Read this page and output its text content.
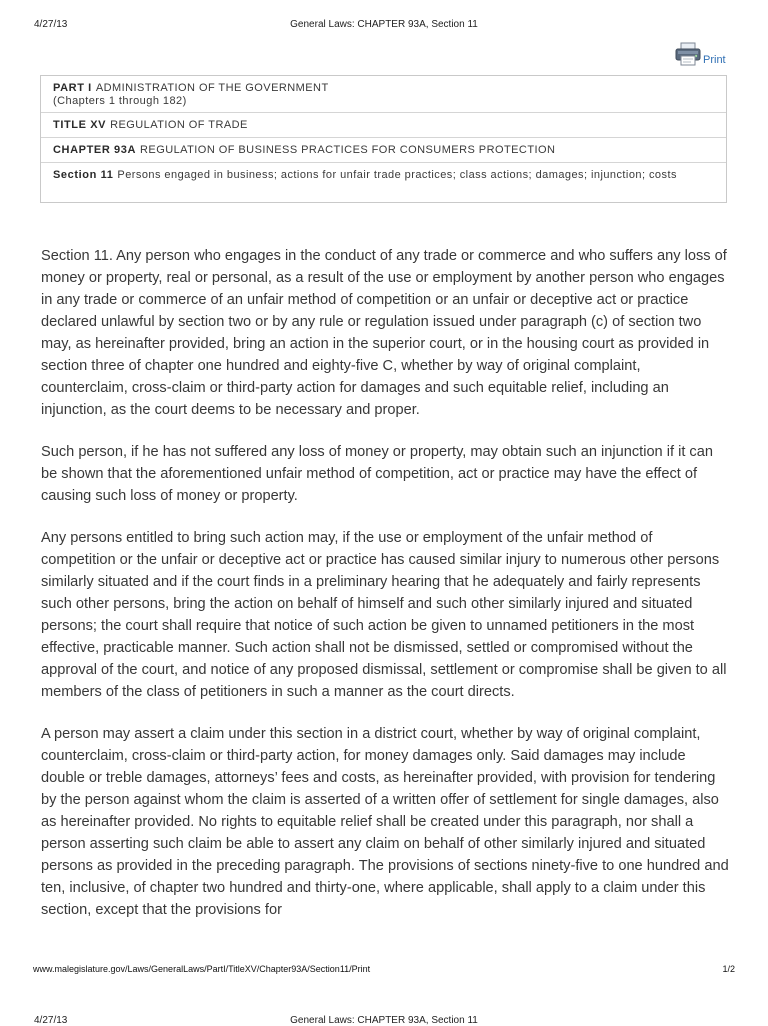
4/27/13	General Laws: CHAPTER 93A, Section 11
Print
PART I ADMINISTRATION OF THE GOVERNMENT
(Chapters 1 through 182)
TITLE XV REGULATION OF TRADE
CHAPTER 93A REGULATION OF BUSINESS PRACTICES FOR CONSUMERS PROTECTION
Section 11 Persons engaged in business; actions for unfair trade practices; class actions; damages; injunction; costs

Section 11. Any person who engages in the conduct of any trade or commerce and who suffers any loss of money or property, real or personal, as a result of the use or employment by another person who engages in any trade or commerce of an unfair method of competition or an unfair or deceptive act or practice declared unlawful by section two or by any rule or regulation issued under paragraph (c) of section two may, as hereinafter provided, bring an action in the superior court, or in the housing court as provided in section three of chapter one hundred and eighty-five C, whether by way of original complaint, counterclaim, cross-claim or third-party action for damages and such equitable relief, including an injunction, as the court deems to be necessary and proper.

Such person, if he has not suffered any loss of money or property, may obtain such an injunction if it can be shown that the aforementioned unfair method of competition, act or practice may have the effect of causing such loss of money or property.

Any persons entitled to bring such action may, if the use or employment of the unfair method of competition or the unfair or deceptive act or practice has caused similar injury to numerous other persons similarly situated and if the court finds in a preliminary hearing that he adequately and fairly represents such other persons, bring the action on behalf of himself and such other similarly injured and situated persons; the court shall require that notice of such action be given to unnamed petitioners in the most effective, practicable manner. Such action shall not be dismissed, settled or compromised without the approval of the court, and notice of any proposed dismissal, settlement or compromise shall be given to all members of the class of petitioners in such a manner as the court directs.

A person may assert a claim under this section in a district court, whether by way of original complaint, counterclaim, cross-claim or third-party action, for money damages only. Said damages may include double or treble damages, attorneys’ fees and costs, as hereinafter provided, with provision for tendering by the person against whom the claim is asserted of a written offer of settlement for single damages, also as hereinafter provided. No rights to equitable relief shall be created under this paragraph, nor shall a person asserting such claim be able to assert any claim on behalf of other similarly injured and situated persons as provided in the preceding paragraph. The provisions of sections ninety-five to one hundred and ten, inclusive, of chapter two hundred and thirty-one, where applicable, shall apply to a claim under this section, except that the provisions for

www.malegislature.gov/Laws/GeneralLaws/PartI/TitleXV/Chapter93A/Section11/Print	1/2
4/27/13	General Laws: CHAPTER 93A, Section 11
